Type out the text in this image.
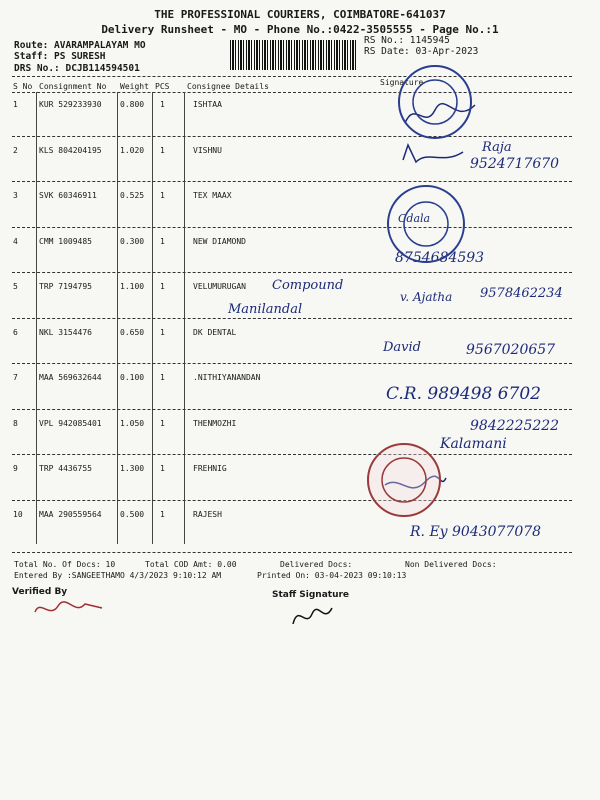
THE PROFESSIONAL COURIERS, COIMBATORE-641037
Delivery Runsheet - MO - Phone No.:0422-3505555 - Page No.:1
Route: AVARAMPALAYAM MO
Staff: PS SURESH
DRS No.: DCJB114594501
RS No.: 1145945
RS Date: 03-Apr-2023
S No Consignment No Weight PCS Consignee Details	Signature
1	KUR 529233930 0.800 1	ISHTAA
2	KLS 804204195 1.020 1	VISHNU
3	SVK 60346911	0.525 1	TEX MAAX
4	CMM 1009485	0.300 1	NEW DIAMOND
5	TRP 7194795	1.100 1	VELUMURUGAN
6	NKL 3154476	0.650 1	DK DENTAL
7	MAA 569632644 0.100 1	.NITHIYANANDAN
8	VPL 942085401 1.050 1	THENMOZHI
9	TRP 4436755	1.300 1	FREHNIG
10 MAA 290559564 0.500 1	RAJESH
Raja
9524717670
Cdala
8754684593
Compound
Manilandal
v. Ajatha 9578462234
David	9567020657
C.R. 989498 6702
9842225222
Kalamani
R. Ey 9043077078
Total No. Of Docs: 10	Total COD Amt: 0.00	Delivered Docs:	Non Delivered Docs:
Entered By :SANGEETHAMO 4/3/2023 9:10:12 AM	Printed On: 03-04-2023 09:10:13
Verified By	Staff Signature
